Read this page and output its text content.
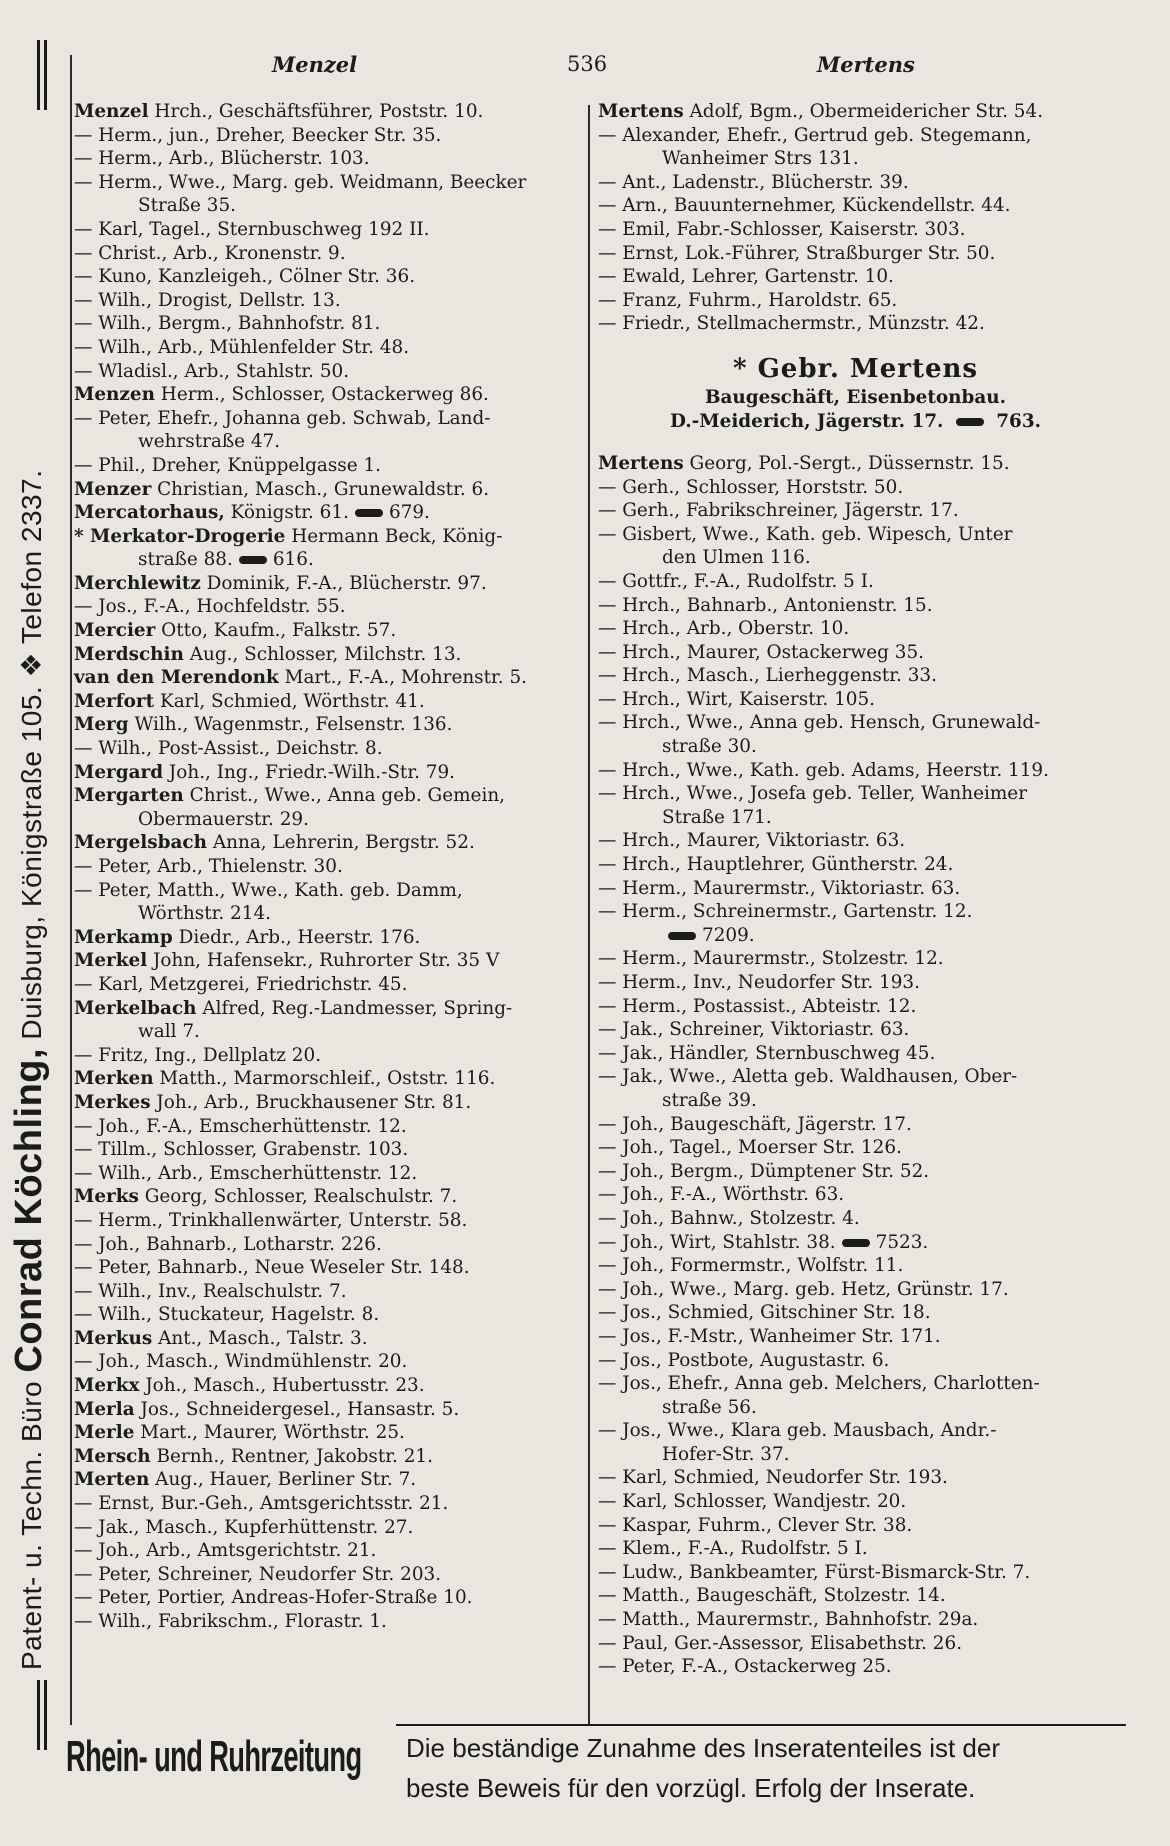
Patent- u. Techn. Büro Conrad Köchling, Duisburg, Königstraße 105. ❖ Telefon 2337.
Menzel	536	Mertens
Menzel Hrch., Geschäftsführer, Poststr. 10.
— Herm., jun., Dreher, Beecker Str. 35.
— Herm., Arb., Blücherstr. 103.
— Herm., Wwe., Marg. geb. Weidmann, Beecker
Straße 35.
— Karl, Tagel., Sternbuschweg 192 II.
— Christ., Arb., Kronenstr. 9.
— Kuno, Kanzleigeh., Cölner Str. 36.
— Wilh., Drogist, Dellstr. 13.
— Wilh., Bergm., Bahnhofstr. 81.
— Wilh., Arb., Mühlenfelder Str. 48.
— Wladisl., Arb., Stahlstr. 50.
Menzen Herm., Schlosser, Ostackerweg 86.
— Peter, Ehefr., Johanna geb. Schwab, Land-
wehrstraße 47.
— Phil., Dreher, Knüppelgasse 1.
Menzer Christian, Masch., Grunewaldstr. 6.
Mercatorhaus, Königstr. 61. 679.
* Merkator-Drogerie Hermann Beck, König-
straße 88. 616.
Merchlewitz Dominik, F.-A., Blücherstr. 97.
— Jos., F.-A., Hochfeldstr. 55.
Mercier Otto, Kaufm., Falkstr. 57.
Merdschin Aug., Schlosser, Milchstr. 13.
van den Merendonk Mart., F.-A., Mohrenstr. 5.
Merfort Karl, Schmied, Wörthstr. 41.
Merg Wilh., Wagenmstr., Felsenstr. 136.
— Wilh., Post-Assist., Deichstr. 8.
Mergard Joh., Ing., Friedr.-Wilh.-Str. 79.
Mergarten Christ., Wwe., Anna geb. Gemein,
Obermauerstr. 29.
Mergelsbach Anna, Lehrerin, Bergstr. 52.
— Peter, Arb., Thielenstr. 30.
— Peter, Matth., Wwe., Kath. geb. Damm,
Wörthstr. 214.
Merkamp Diedr., Arb., Heerstr. 176.
Merkel John, Hafensekr., Ruhrorter Str. 35 V
— Karl, Metzgerei, Friedrichstr. 45.
Merkelbach Alfred, Reg.-Landmesser, Spring-
wall 7.
— Fritz, Ing., Dellplatz 20.
Merken Matth., Marmorschleif., Oststr. 116.
Merkes Joh., Arb., Bruckhausener Str. 81.
— Joh., F.-A., Emscherhüttenstr. 12.
— Tillm., Schlosser, Grabenstr. 103.
— Wilh., Arb., Emscherhüttenstr. 12.
Merks Georg, Schlosser, Realschulstr. 7.
— Herm., Trinkhallenwärter, Unterstr. 58.
— Joh., Bahnarb., Lotharstr. 226.
— Peter, Bahnarb., Neue Weseler Str. 148.
— Wilh., Inv., Realschulstr. 7.
— Wilh., Stuckateur, Hagelstr. 8.
Merkus Ant., Masch., Talstr. 3.
— Joh., Masch., Windmühlenstr. 20.
Merkx Joh., Masch., Hubertusstr. 23.
Merla Jos., Schneidergesel., Hansastr. 5.
Merle Mart., Maurer, Wörthstr. 25.
Mersch Bernh., Rentner, Jakobstr. 21.
Merten Aug., Hauer, Berliner Str. 7.
— Ernst, Bur.-Geh., Amtsgerichtsstr. 21.
— Jak., Masch., Kupferhüttenstr. 27.
— Joh., Arb., Amtsgerichtstr. 21.
— Peter, Schreiner, Neudorfer Str. 203.
— Peter, Portier, Andreas-Hofer-Straße 10.
— Wilh., Fabrikschm., Florastr. 1.
Mertens Adolf, Bgm., Obermeidericher Str. 54.
— Alexander, Ehefr., Gertrud geb. Stegemann,
Wanheimer Strs 131.
— Ant., Ladenstr., Blücherstr. 39.
— Arn., Bauunternehmer, Kückendellstr. 44.
— Emil, Fabr.-Schlosser, Kaiserstr. 303.
— Ernst, Lok.-Führer, Straßburger Str. 50.
— Ewald, Lehrer, Gartenstr. 10.
— Franz, Fuhrm., Haroldstr. 65.
— Friedr., Stellmachermstr., Münzstr. 42.
* Gebr. Mertens
Baugeschäft, Eisenbetonbau.
D.-Meiderich, Jägerstr. 17.	763.
Mertens Georg, Pol.-Sergt., Düssernstr. 15.
— Gerh., Schlosser, Horststr. 50.
— Gerh., Fabrikschreiner, Jägerstr. 17.
— Gisbert, Wwe., Kath. geb. Wipesch, Unter
den Ulmen 116.
— Gottfr., F.-A., Rudolfstr. 5 I.
— Hrch., Bahnarb., Antonienstr. 15.
— Hrch., Arb., Oberstr. 10.
— Hrch., Maurer, Ostackerweg 35.
— Hrch., Masch., Lierheggenstr. 33.
— Hrch., Wirt, Kaiserstr. 105.
— Hrch., Wwe., Anna geb. Hensch, Grunewald-
straße 30.
— Hrch., Wwe., Kath. geb. Adams, Heerstr. 119.
— Hrch., Wwe., Josefa geb. Teller, Wanheimer
Straße 171.
— Hrch., Maurer, Viktoriastr. 63.
— Hrch., Hauptlehrer, Güntherstr. 24.
— Herm., Maurermstr., Viktoriastr. 63.
— Herm., Schreinermstr., Gartenstr. 12.
7209.
— Herm., Maurermstr., Stolzestr. 12.
— Herm., Inv., Neudorfer Str. 193.
— Herm., Postassist., Abteistr. 12.
— Jak., Schreiner, Viktoriastr. 63.
— Jak., Händler, Sternbuschweg 45.
— Jak., Wwe., Aletta geb. Waldhausen, Ober-
straße 39.
— Joh., Baugeschäft, Jägerstr. 17.
— Joh., Tagel., Moerser Str. 126.
— Joh., Bergm., Dümptener Str. 52.
— Joh., F.-A., Wörthstr. 63.
— Joh., Bahnw., Stolzestr. 4.
— Joh., Wirt, Stahlstr. 38. 7523.
— Joh., Formermstr., Wolfstr. 11.
— Joh., Wwe., Marg. geb. Hetz, Grünstr. 17.
— Jos., Schmied, Gitschiner Str. 18.
— Jos., F.-Mstr., Wanheimer Str. 171.
— Jos., Postbote, Augustastr. 6.
— Jos., Ehefr., Anna geb. Melchers, Charlotten-
straße 56.
— Jos., Wwe., Klara geb. Mausbach, Andr.-
Hofer-Str. 37.
— Karl, Schmied, Neudorfer Str. 193.
— Karl, Schlosser, Wandjestr. 20.
— Kaspar, Fuhrm., Clever Str. 38.
— Klem., F.-A., Rudolfstr. 5 I.
— Ludw., Bankbeamter, Fürst-Bismarck-Str. 7.
— Matth., Baugeschäft, Stolzestr. 14.
— Matth., Maurermstr., Bahnhofstr. 29a.
— Paul, Ger.-Assessor, Elisabethstr. 26.
— Peter, F.-A., Ostackerweg 25.
Rhein- und Ruhrzeitung Die beständige Zunahme des Inseratenteiles ist der
beste Beweis für den vorzügl. Erfolg der Inserate.
